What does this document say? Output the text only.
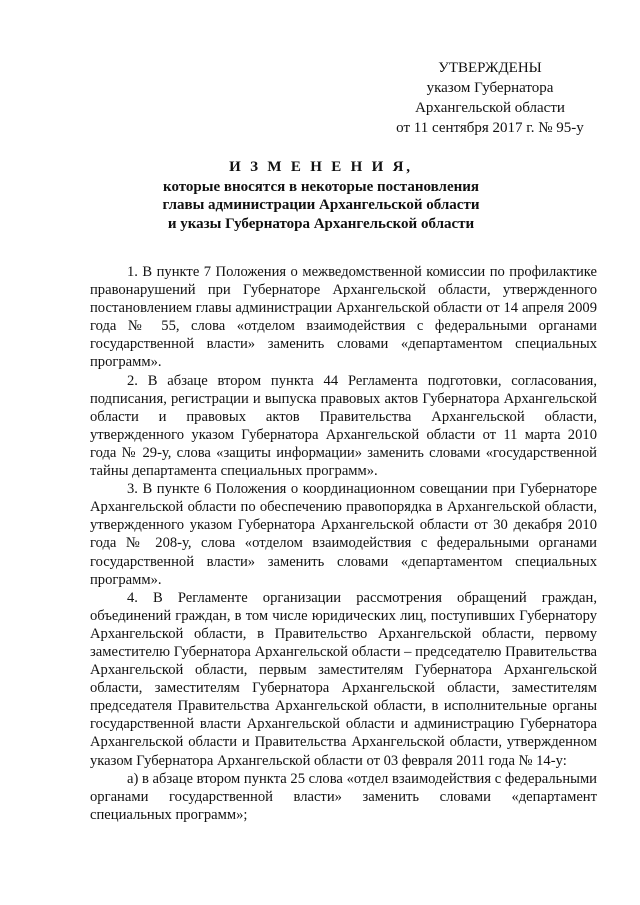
УТВЕРЖДЕНЫ
указом Губернатора
Архангельской области
от 11 сентября 2017 г. № 95-у
И З М Е Н Е Н И Я,
которые вносятся в некоторые постановления
главы администрации Архангельской области
и указы Губернатора Архангельской области

1. В пункте 7 Положения о межведомственной комиссии по профилактике правонарушений при Губернаторе Архангельской области, утвержденного постановлением главы администрации Архангельской области от 14 апреля 2009 года № 55, слова «отделом взаимодействия с федеральными органами государственной власти» заменить словами «департаментом специальных программ».

2. В абзаце втором пункта 44 Регламента подготовки, согласования, подписания, регистрации и выпуска правовых актов Губернатора Архангельской области и правовых актов Правительства Архангельской области, утвержденного указом Губернатора Архангельской области от 11 марта 2010 года № 29-у, слова «защиты информации» заменить словами «государственной тайны департамента специальных программ».

3. В пункте 6 Положения о координационном совещании при Губернаторе Архангельской области по обеспечению правопорядка в Архангельской области, утвержденного указом Губернатора Архангельской области от 30 декабря 2010 года № 208-у, слова «отделом взаимодействия с федеральными органами государственной власти» заменить словами «департаментом специальных программ».

4. В Регламенте организации рассмотрения обращений граждан, объединений граждан, в том числе юридических лиц, поступивших Губернатору Архангельской области, в Правительство Архангельской области, первому заместителю Губернатора Архангельской области – председателю Правительства Архангельской области, первым заместителям Губернатора Архангельской области, заместителям Губернатора Архангельской области, заместителям председателя Правительства Архангельской области, в исполнительные органы государственной власти Архангельской области и администрацию Губернатора Архангельской области и Правительства Архангельской области, утвержденном указом Губернатора Архангельской области от 03 февраля 2011 года № 14-у:

а) в абзаце втором пункта 25 слова «отдел взаимодействия с федеральными органами государственной власти» заменить словами «департамент специальных программ»;
